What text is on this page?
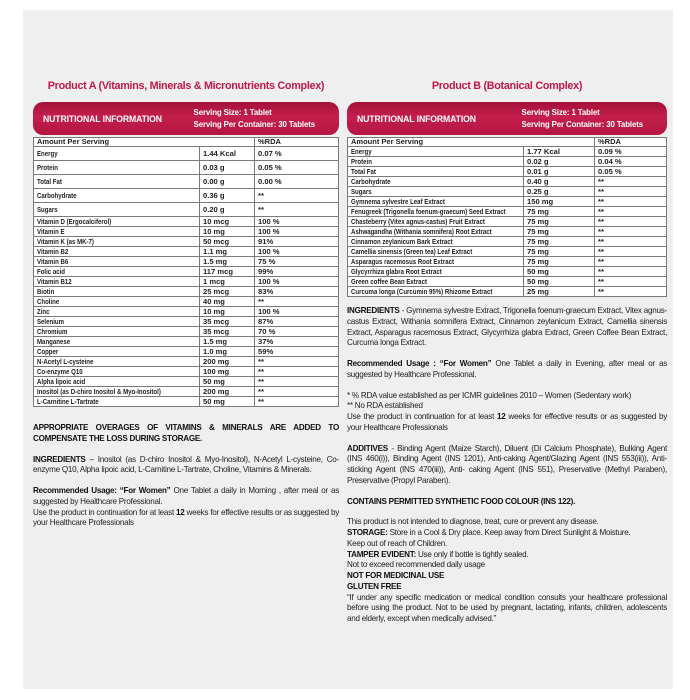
Product A (Vitamins, Minerals & Micronutrients Complex)
NUTRITIONAL INFORMATION
Serving Size: 1 Tablet
Serving Per Container: 30 Tablets
Amount Per Serving		%RDA
Energy	1.44 Kcal	0.07 %
Protein	0.03 g	0.05 %
Total Fat	0.00 g	0.00 %
Carbohydrate	0.36 g	**
Sugars	0.20 g	**
Vitamin D (Ergocalciferol)	10 mcg	100 %
Vitamin E	10 mg	100 %
Vitamin K (as MK-7)	50 mcg	91%
Vitamin B2	1.1 mg	100 %
Vitamin B6	1.5 mg	75 %
Folic acid	117 mcg	99%
Vitamin B12	1 mcg	100 %
Biotin	25 mcg	83%
Choline	40 mg	**
Zinc	10 mg	100 %
Selenium	35 mcg	87%
Chromium	35 mcg	70 %
Manganese	1.5 mg	37%
Copper	1.0 mg	59%
N-Acetyl L-cysteine	200 mg	**
Co-enzyme Q10	100 mg	**
Alpha lipoic acid	50 mg	**
Inositol (as D-chiro Inositol & Myo-Inositol)	200 mg	**
L-Carnitine L-Tartrate	50 mg	**

APPROPRIATE OVERAGES OF VITAMINS & MINERALS ARE ADDED TO COMPENSATE THE LOSS DURING STORAGE.

INGREDIENTS – Inositol (as D-chiro Inositol & Myo-Inositol), N-Acetyl L-cysteine, Co-enzyme Q10, Alpha lipoic acid, L-Carnitine L-Tartrate, Choline, Vitamins & Minerals.

Recommended Usage: “For Women” One Tablet a daily in Morning , after meal or as suggested by Healthcare Professional.

Use the product in continuation for at least 12 weeks for effective results or as suggested by your Healthcare Professionals

Product B (Botanical Complex)
NUTRITIONAL INFORMATION
Serving Size: 1 Tablet
Serving Per Container: 30 Tablets
Amount Per Serving		%RDA
Energy	1.77 Kcal	0.09 %
Protein	0.02 g	0.04 %
Total Fat	0.01 g	0.05 %
Carbohydrate	0.40 g	**
Sugars	0.25 g	**
Gymnema sylvestre Leaf Extract	150 mg	**
Fenugreek (Trigonella foenum-graecum) Seed Extract	75 mg	**
Chasteberry (Vitex agnus-castus) Fruit Extract	75 mg	**
Ashwagandha (Withania somnifera) Root Extract	75 mg	**
Cinnamon zeylanicum Bark Extract	75 mg	**
Camellia sinensis (Green tea) Leaf Extract	75 mg	**
Asparagus racemosus Root Extract	75 mg	**
Glycyrrhiza glabra Root Extract	50 mg	**
Green coffee Bean Extract	50 mg	**
Curcuma longa (Curcumin 95%) Rhizome Extract	25 mg	**

INGREDIENTS - Gymnema sylvestre Extract, Trigonella foenum-graecum Extract, Vitex agnus-castus Extract, Withania somnifera Extract, Cinnamon zeylanicum Extract, Camellia sinensis Extract, Asparagus racemosus Extract, Glycyrrhiza glabra Extract, Green Coffee Bean Extract, Curcuma longa Extract.

Recommended Usage : “For Women” One Tablet a daily in Evening, after meal or as suggested by Healthcare Professional.

* % RDA value established as per ICMR guidelines 2010 – Women (Sedentary work)

** No RDA established

Use the product in continuation for at least 12 weeks for effective results or as suggested by your Healthcare Professionals

ADDITIVES - Binding Agent (Maize Starch), Diluent (Di Calcium Phosphate), Bulking Agent (INS 460(i)), Binding Agent (INS 1201), Anti-caking Agent/Glazing Agent (INS 553(iii)), Anti- sticking Agent (INS 470(iii)), Anti- caking Agent (INS 551), Preservative (Methyl Paraben), Preservative (Propyl Paraben).

CONTAINS PERMITTED SYNTHETIC FOOD COLOUR (INS 122).

This product is not intended to diagnose, treat, cure or prevent any disease.

STORAGE: Store in a Cool & Dry place. Keep away from Direct Sunlight & Moisture.

Keep out of reach of Children.

TAMPER EVIDENT: Use only if bottle is tightly sealed.

Not to exceed recommended daily usage

NOT FOR MEDICINAL USE

GLUTEN FREE

“If under any specific medication or medical condition consults your healthcare professional before using the product. Not to be used by pregnant, lactating, infants, children, adolescents and elderly, except when medically advised.”
